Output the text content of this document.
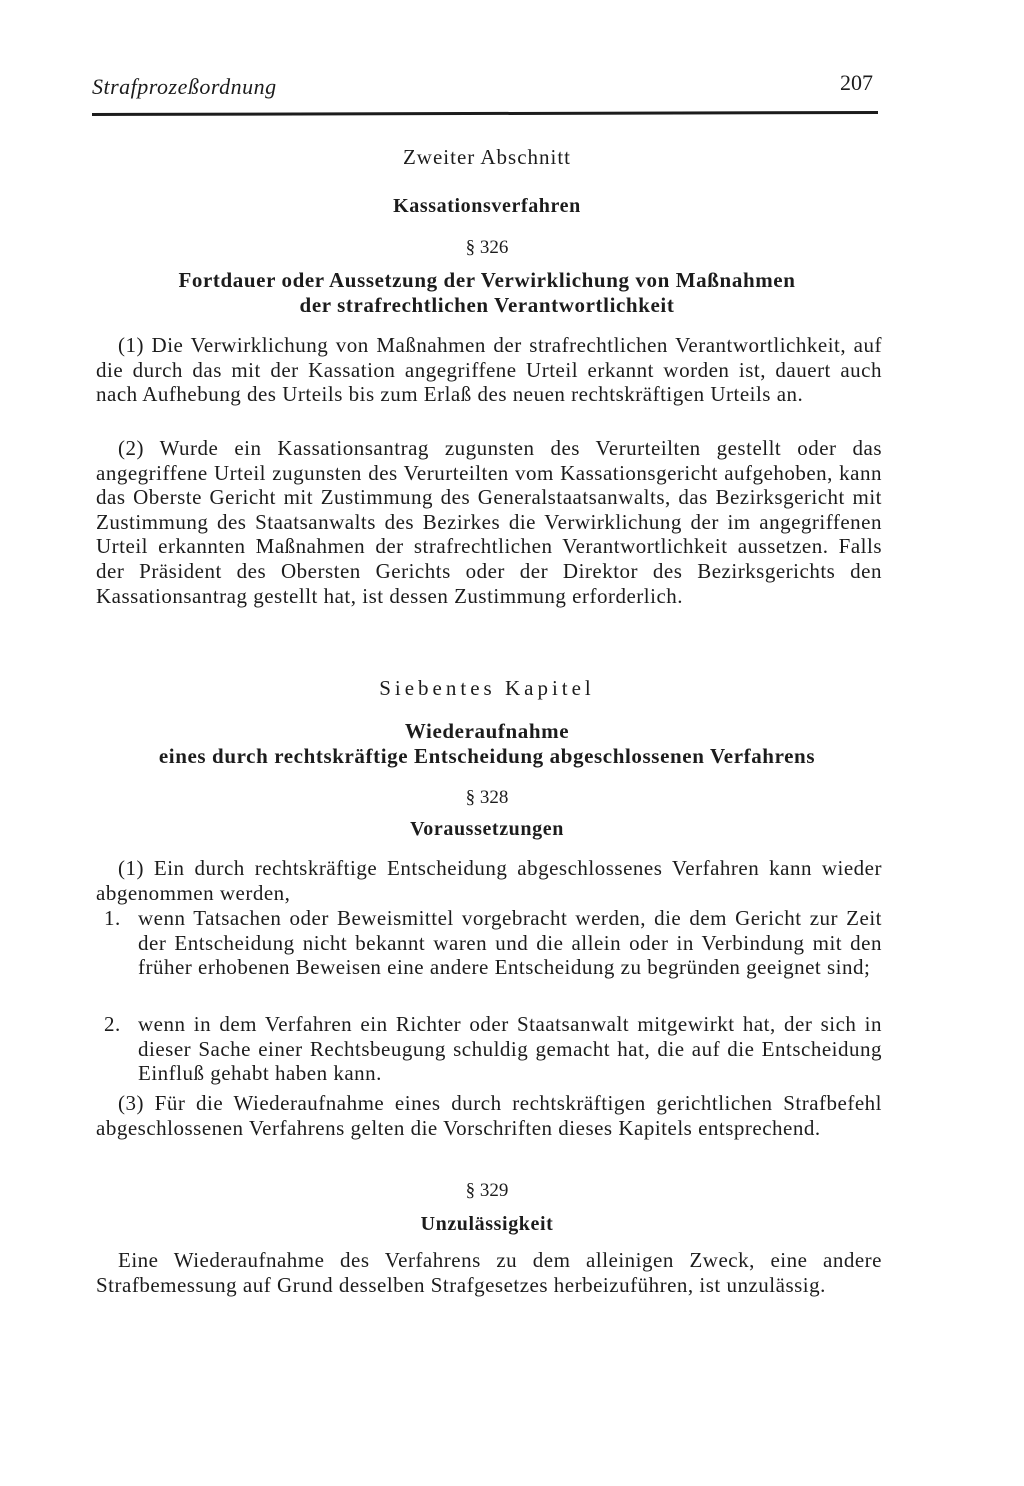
Strafprozeßordnung	207
Zweiter Abschnitt
Kassationsverfahren
§ 326
Fortdauer oder Aussetzung der Verwirklichung von Maßnahmen
der strafrechtlichen Verantwortlichkeit
(1) Die Verwirklichung von Maßnahmen der strafrechtlichen Verantwortlichkeit, auf die durch das mit der Kassation angegriffene Urteil erkannt worden ist, dauert auch nach Aufhebung des Urteils bis zum Erlaß des neuen rechtskräftigen Urteils an.
(2) Wurde ein Kassationsantrag zugunsten des Verurteilten gestellt oder das angegriffene Urteil zugunsten des Verurteilten vom Kassationsgericht aufgehoben, kann das Oberste Gericht mit Zustimmung des Generalstaatsanwalts, das Bezirksgericht mit Zustimmung des Staatsanwalts des Bezirkes die Verwirklichung der im angegriffenen Urteil erkannten Maßnahmen der strafrechtlichen Verantwortlichkeit aussetzen. Falls der Präsident des Obersten Gerichts oder der Direktor des Bezirksgerichts den Kassationsantrag gestellt hat, ist dessen Zustimmung erforderlich.
Siebentes Kapitel
Wiederaufnahme
eines durch rechtskräftige Entscheidung abgeschlossenen Verfahrens
§ 328
Voraussetzungen
(1) Ein durch rechtskräftige Entscheidung abgeschlossenes Verfahren kann wieder abgenommen werden,
1. wenn Tatsachen oder Beweismittel vorgebracht werden, die dem Gericht zur Zeit der Entscheidung nicht bekannt waren und die allein oder in Verbindung mit den früher erhobenen Beweisen eine andere Entscheidung zu begründen geeignet sind;
2. wenn in dem Verfahren ein Richter oder Staatsanwalt mitgewirkt hat, der sich in dieser Sache einer Rechtsbeugung schuldig gemacht hat, die auf die Entscheidung Einfluß gehabt haben kann.
(3) Für die Wiederaufnahme eines durch rechtskräftigen gerichtlichen Strafbefehl abgeschlossenen Verfahrens gelten die Vorschriften dieses Kapitels entsprechend.
§ 329
Unzulässigkeit
Eine Wiederaufnahme des Verfahrens zu dem alleinigen Zweck, eine andere Strafbemessung auf Grund desselben Strafgesetzes herbeizuführen, ist unzulässig.
